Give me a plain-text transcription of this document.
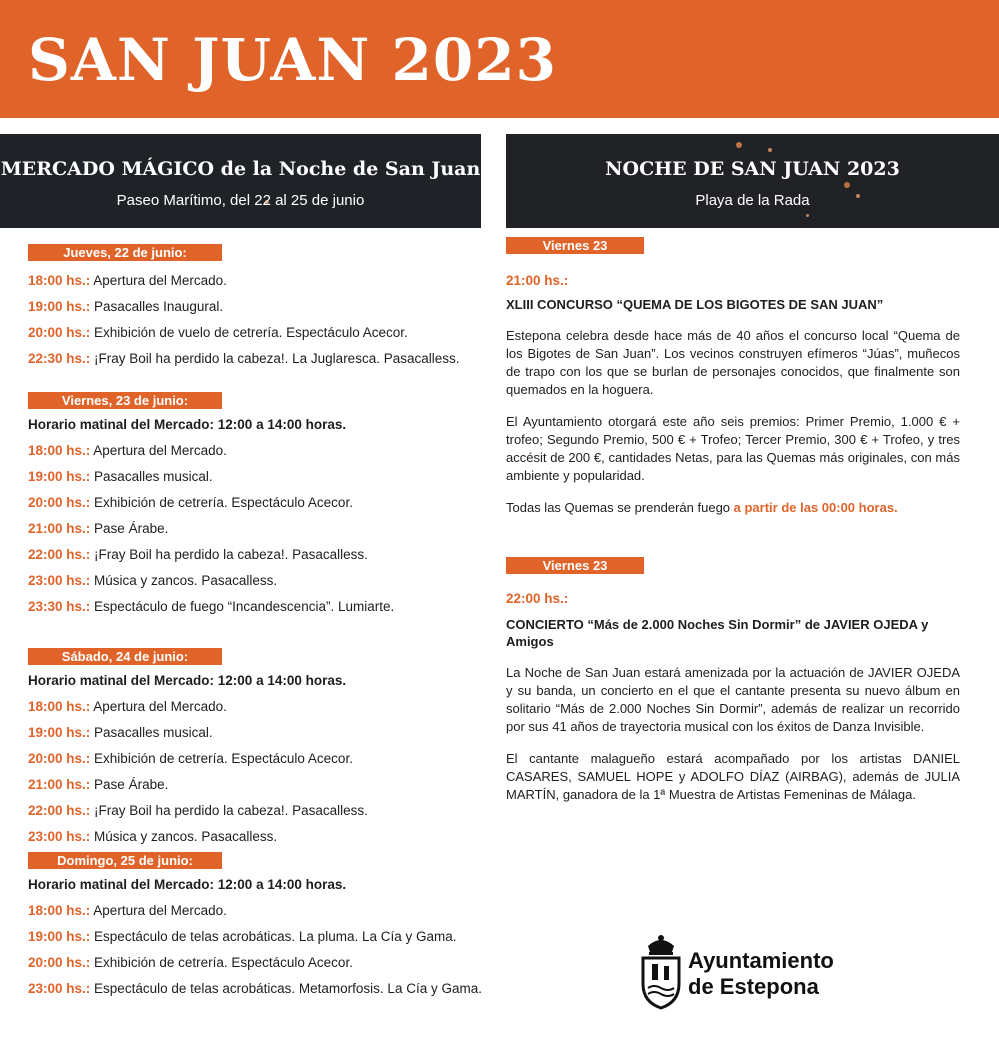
SAN JUAN 2023
MERCADO MÁGICO de la Noche de San Juan
Paseo Marítimo, del 22 al 25 de junio
NOCHE DE SAN JUAN 2023
Playa de la Rada
Jueves, 22 de junio:
18:00 hs.: Apertura del Mercado.
19:00 hs.: Pasacalles Inaugural.
20:00 hs.: Exhibición de vuelo de cetrería. Espectáculo Acecor.
22:30 hs.: ¡Fray Boil ha perdido la cabeza!. La Juglaresca. Pasacalless.
Viernes, 23 de junio:
Horario matinal del Mercado: 12:00 a 14:00 horas.
18:00 hs.: Apertura del Mercado.
19:00 hs.: Pasacalles musical.
20:00 hs.: Exhibición de cetrería. Espectáculo Acecor.
21:00 hs.: Pase Árabe.
22:00 hs.: ¡Fray Boil ha perdido la cabeza!. Pasacalless.
23:00 hs.: Música y zancos. Pasacalless.
23:30 hs.: Espectáculo de fuego “Incandescencia”. Lumiarte.
Sábado, 24 de junio:
Horario matinal del Mercado: 12:00 a 14:00 horas.
18:00 hs.: Apertura del Mercado.
19:00 hs.: Pasacalles musical.
20:00 hs.: Exhibición de cetrería. Espectáculo Acecor.
21:00 hs.: Pase Árabe.
22:00 hs.: ¡Fray Boil ha perdido la cabeza!. Pasacalless.
23:00 hs.: Música y zancos. Pasacalless.
Domingo, 25 de junio:
Horario matinal del Mercado: 12:00 a 14:00 horas.
18:00 hs.: Apertura del Mercado.
19:00 hs.: Espectáculo de telas acrobáticas. La pluma. La Cía y Gama.
20:00 hs.: Exhibición de cetrería. Espectáculo Acecor.
23:00 hs.: Espectáculo de telas acrobáticas. Metamorfosis. La Cía y Gama.
Viernes 23
21:00 hs.:
XLIII CONCURSO “QUEMA DE LOS BIGOTES DE SAN JUAN”

Estepona celebra desde hace más de 40 años el concurso local “Quema de los Bigotes de San Juan”. Los vecinos construyen efímeros “Júas”, muñecos de trapo con los que se burlan de personajes conocidos, que finalmente son quemados en la hoguera.

El Ayuntamiento otorgará este año seis premios: Primer Premio, 1.000 € + trofeo; Segundo Premio, 500 € + Trofeo; Tercer Premio, 300 € + Trofeo, y tres accésit de 200 €, cantidades Netas, para las Quemas más originales, con más ambiente y popularidad.

Todas las Quemas se prenderán fuego a partir de las 00:00 horas.

Viernes 23
22:00 hs.:
CONCIERTO “Más de 2.000 Noches Sin Dormir” de JAVIER OJEDA y Amigos

La Noche de San Juan estará amenizada por la actuación de JAVIER OJEDA y su banda, un concierto en el que el cantante presenta su nuevo álbum en solitario “Más de 2.000 Noches Sin Dormir”, además de realizar un recorrido por sus 41 años de trayectoria musical con los éxitos de Danza Invisible.

El cantante malagueño estará acompañado por los artistas DANIEL CASARES, SAMUEL HOPE y ADOLFO DÍAZ (AIRBAG), además de JULIA MARTÍN, ganadora de la 1ª Muestra de Artistas Femeninas de Málaga.

Ayuntamiento
de Estepona
